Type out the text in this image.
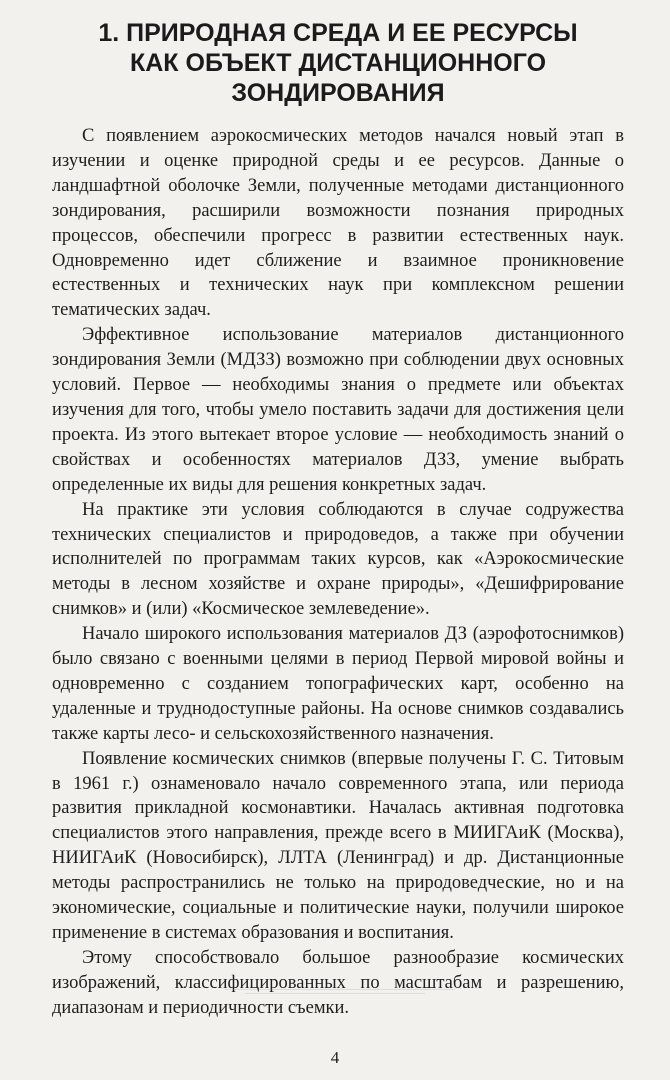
1. ПРИРОДНАЯ СРЕДА И ЕЕ РЕСУРСЫ
КАК ОБЪЕКТ ДИСТАНЦИОННОГО
ЗОНДИРОВАНИЯ

С появлением аэрокосмических методов начался новый этап в изучении и оценке природной среды и ее ресурсов. Данные о ландшафтной оболочке Земли, полученные методами дистанционного зондирования, расширили возможности познания природных процессов, обеспечили прогресс в развитии естественных наук. Одновременно идет сближение и взаимное проникновение естественных и технических наук при комплексном решении тематических задач.

Эффективное использование материалов дистанционного зондирования Земли (МДЗЗ) возможно при соблюдении двух основных условий. Первое — необходимы знания о предмете или объектах изучения для того, чтобы умело поставить задачи для достижения цели проекта. Из этого вытекает второе условие — необходимость знаний о свойствах и особенностях материалов ДЗЗ, умение выбрать определенные их виды для решения конкретных задач.

На практике эти условия соблюдаются в случае содружества технических специалистов и природоведов, а также при обучении исполнителей по программам таких курсов, как «Аэрокосмические методы в лесном хозяйстве и охране природы», «Дешифрирование снимков» и (или) «Космическое землеведение».

Начало широкого использования материалов ДЗ (аэрофотоснимков) было связано с военными целями в период Первой мировой войны и одновременно с созданием топографических карт, особенно на удаленные и труднодоступные районы. На основе снимков создавались также карты лесо- и сельскохозяйственного назначения.

Появление космических снимков (впервые получены Г. С. Титовым в 1961 г.) ознаменовало начало современного этапа, или периода развития прикладной космонавтики. Началась активная подготовка специалистов этого направления, прежде всего в МИИГАиК (Москва), НИИГАиК (Новосибирск), ЛЛТА (Ленинград) и др. Дистанционные методы распространились не только на природоведческие, но и на экономические, социальные и политические науки, получили широкое применение в системах образования и воспитания.

Этому способствовало большое разнообразие космических изображений, классифицированных по масштабам и разрешению, диапазонам и периодичности съемки.

4
